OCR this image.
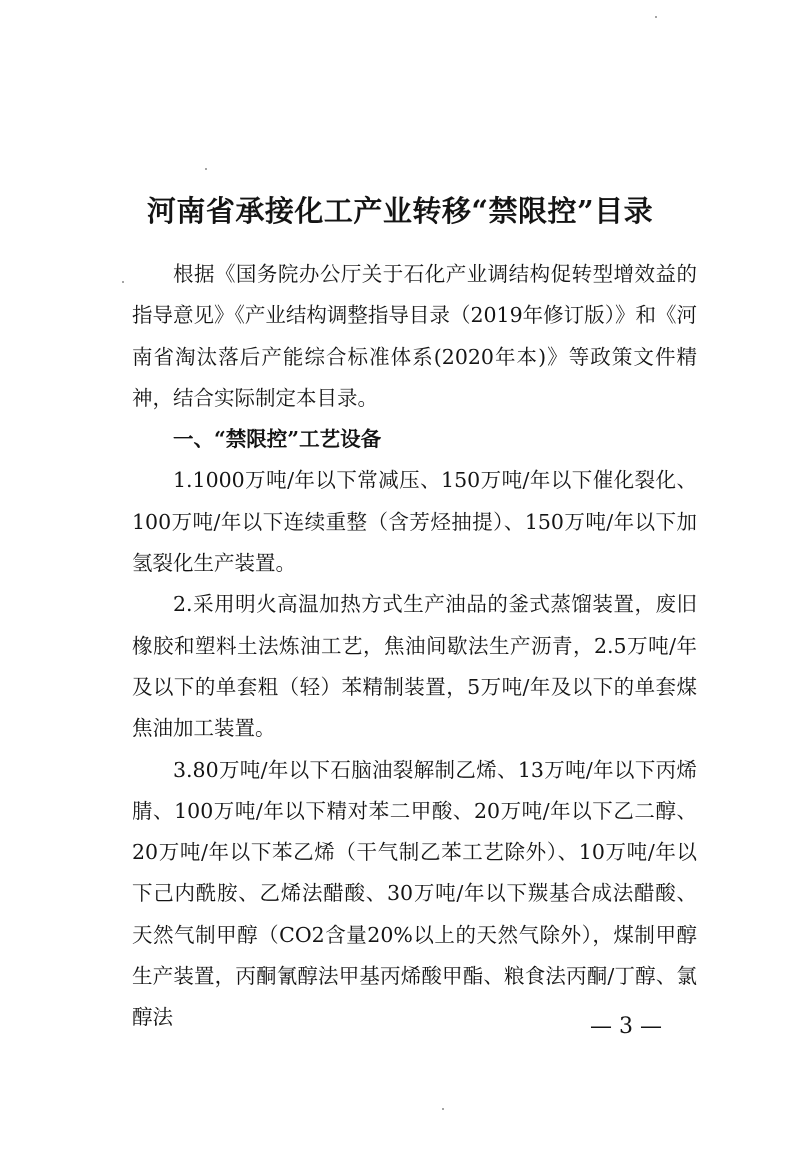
河南省承接化工产业转移“禁限控”目录

根据《国务院办公厅关于石化产业调结构促转型增效益的指导意见》《产业结构调整指导目录（2019年修订版）》和《河南省淘汰落后产能综合标准体系(2020年本)》等政策文件精神，结合实际制定本目录。

一、“禁限控”工艺设备

1.1000万吨/年以下常减压、150万吨/年以下催化裂化、100万吨/年以下连续重整（含芳烃抽提）、150万吨/年以下加氢裂化生产装置。

2.采用明火高温加热方式生产油品的釜式蒸馏装置，废旧橡胶和塑料土法炼油工艺，焦油间歇法生产沥青，2.5万吨/年及以下的单套粗（轻）苯精制装置，5万吨/年及以下的单套煤焦油加工装置。

3.80万吨/年以下石脑油裂解制乙烯、13万吨/年以下丙烯腈、100万吨/年以下精对苯二甲酸、20万吨/年以下乙二醇、20万吨/年以下苯乙烯（干气制乙苯工艺除外）、10万吨/年以下己内酰胺、乙烯法醋酸、30万吨/年以下羰基合成法醋酸、天然气制甲醇（CO2含量20%以上的天然气除外），煤制甲醇生产装置，丙酮氰醇法甲基丙烯酸甲酯、粮食法丙酮/丁醇、氯醇法	— 3 —
